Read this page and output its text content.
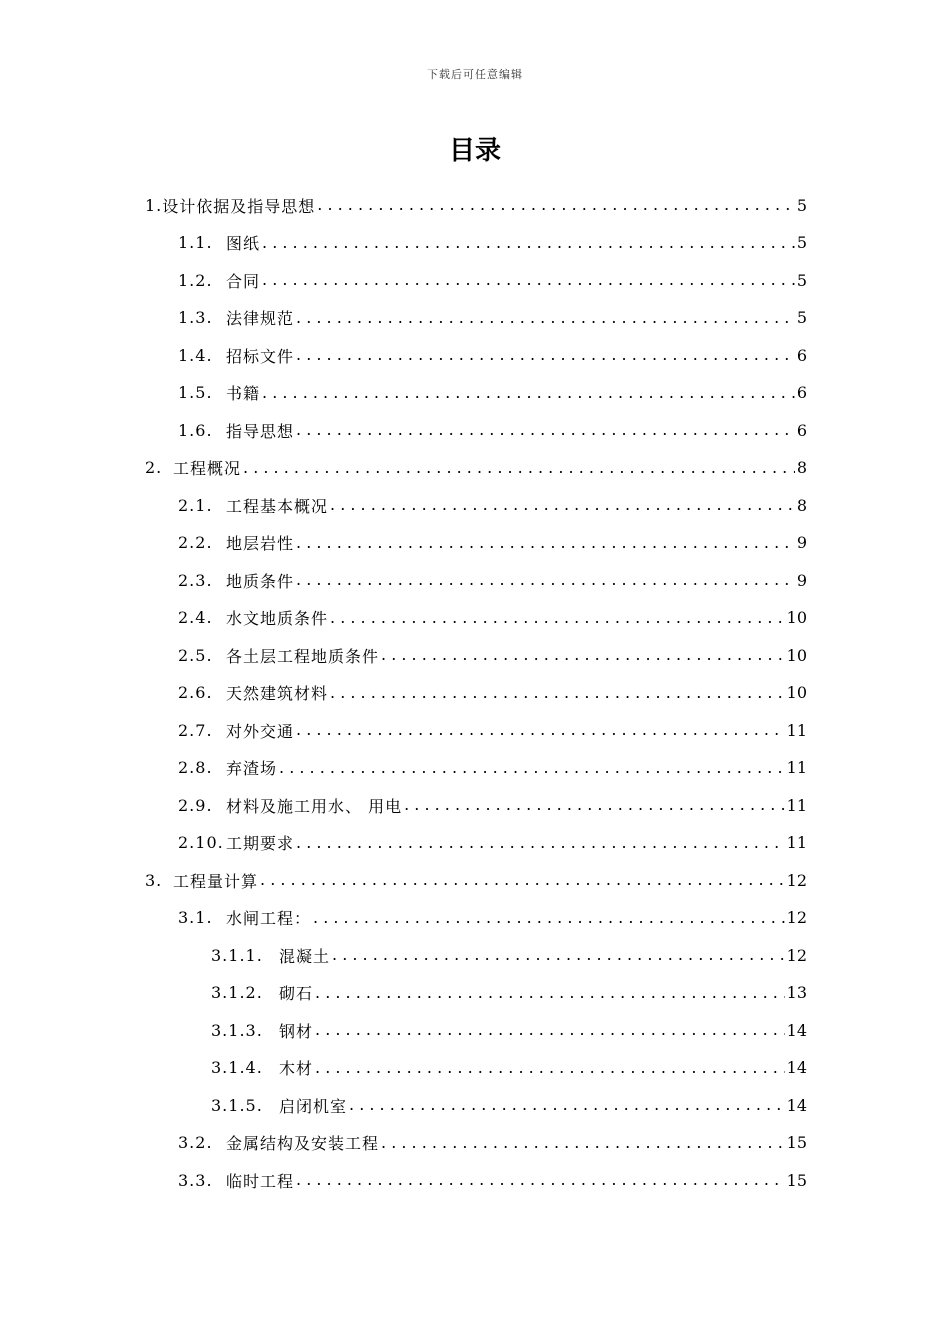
下载后可任意编辑
目录
1. 设计依据及指导思想 . . .	5
1.1. 图纸 . . .	5
1.2. 合同 . . .	5
1.3. 法律规范 . . .	5
1.4. 招标文件 . . .	6
1.5. 书籍 . . .	6
1.6. 指导思想 . . .	6
2. 工程概况 . . .	8
2.1. 工程基本概况 . . .	8
2.2. 地层岩性 . . .	9
2.3. 地质条件 . . .	9
2.4. 水文地质条件 . . .	10
2.5. 各土层工程地质条件 . . .	10
2.6. 天然建筑材料 . . .	10
2.7. 对外交通 . . .	11
2.8. 弃渣场 . . .	11
2.9. 材料及施工用水、 用电 . . .	11
2.10. 工期要求 . . .	11
3. 工程量计算 . . .	12
3.1. 水闸工程： . . .	12
3.1.1.	混凝土 . . .	12
3.1.2.	砌石 . . .	13
3.1.3.	钢材 . . .	14
3.1.4.	木材 . . .	14
3.1.5.	启闭机室 . . .	14
3.2. 金属结构及安装工程 . . .	15
3.3. 临时工程 . . .	15
